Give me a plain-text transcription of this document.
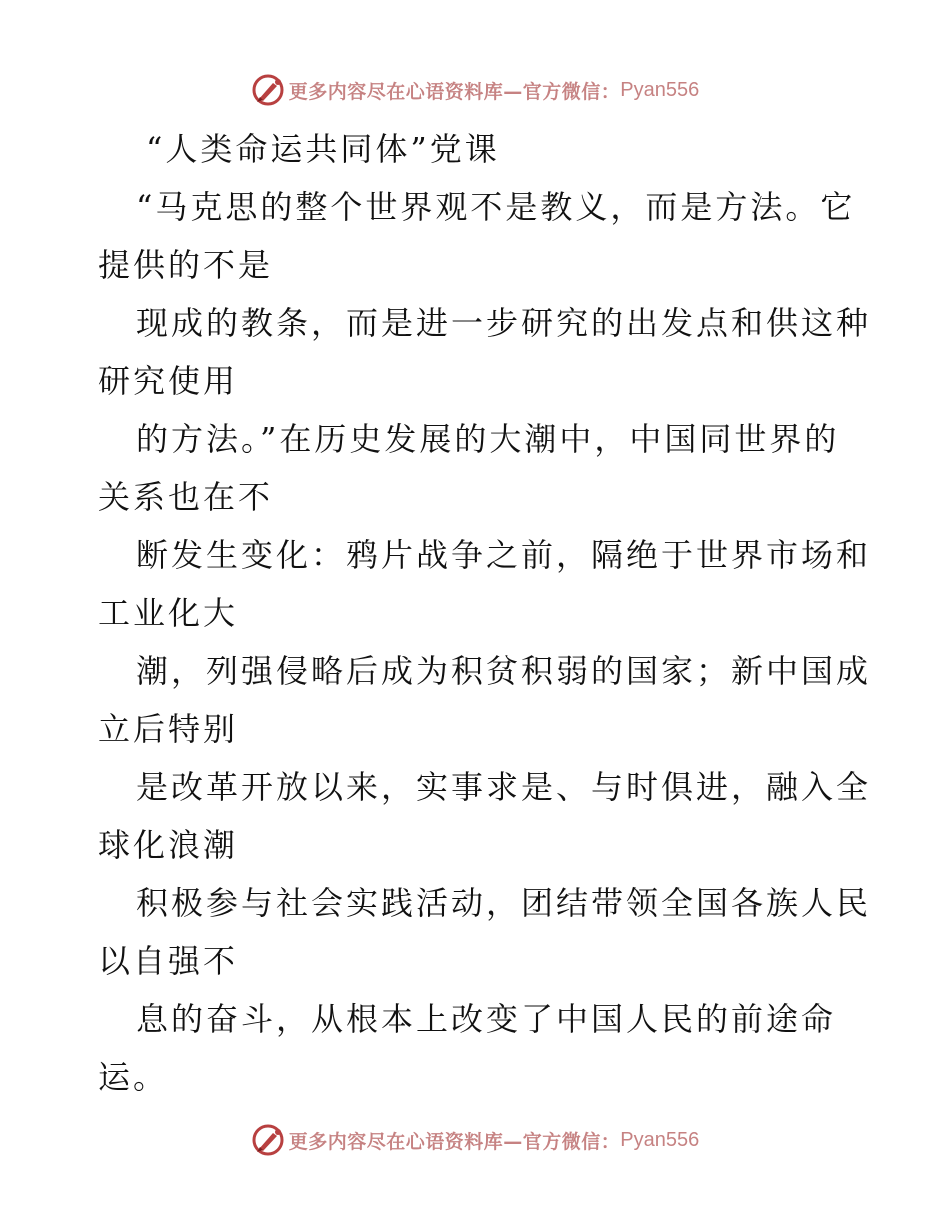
更多内容尽在心语资料库—官方微信： Pyan556
“人类命运共同体”党课
“马克思的整个世界观不是教义，而是方法。它
提供的不是
现成的教条，而是进一步研究的出发点和供这种
研究使用
的方法。”在历史发展的大潮中，中国同世界的
关系也在不
断发生变化：鸦片战争之前，隔绝于世界市场和
工业化大
潮，列强侵略后成为积贫积弱的国家；新中国成
立后特别
是改革开放以来，实事求是、与时俱进，融入全
球化浪潮
积极参与社会实践活动，团结带领全国各族人民
以自强不
息的奋斗，从根本上改变了中国人民的前途命
运。
更多内容尽在心语资料库—官方微信： Pyan556
